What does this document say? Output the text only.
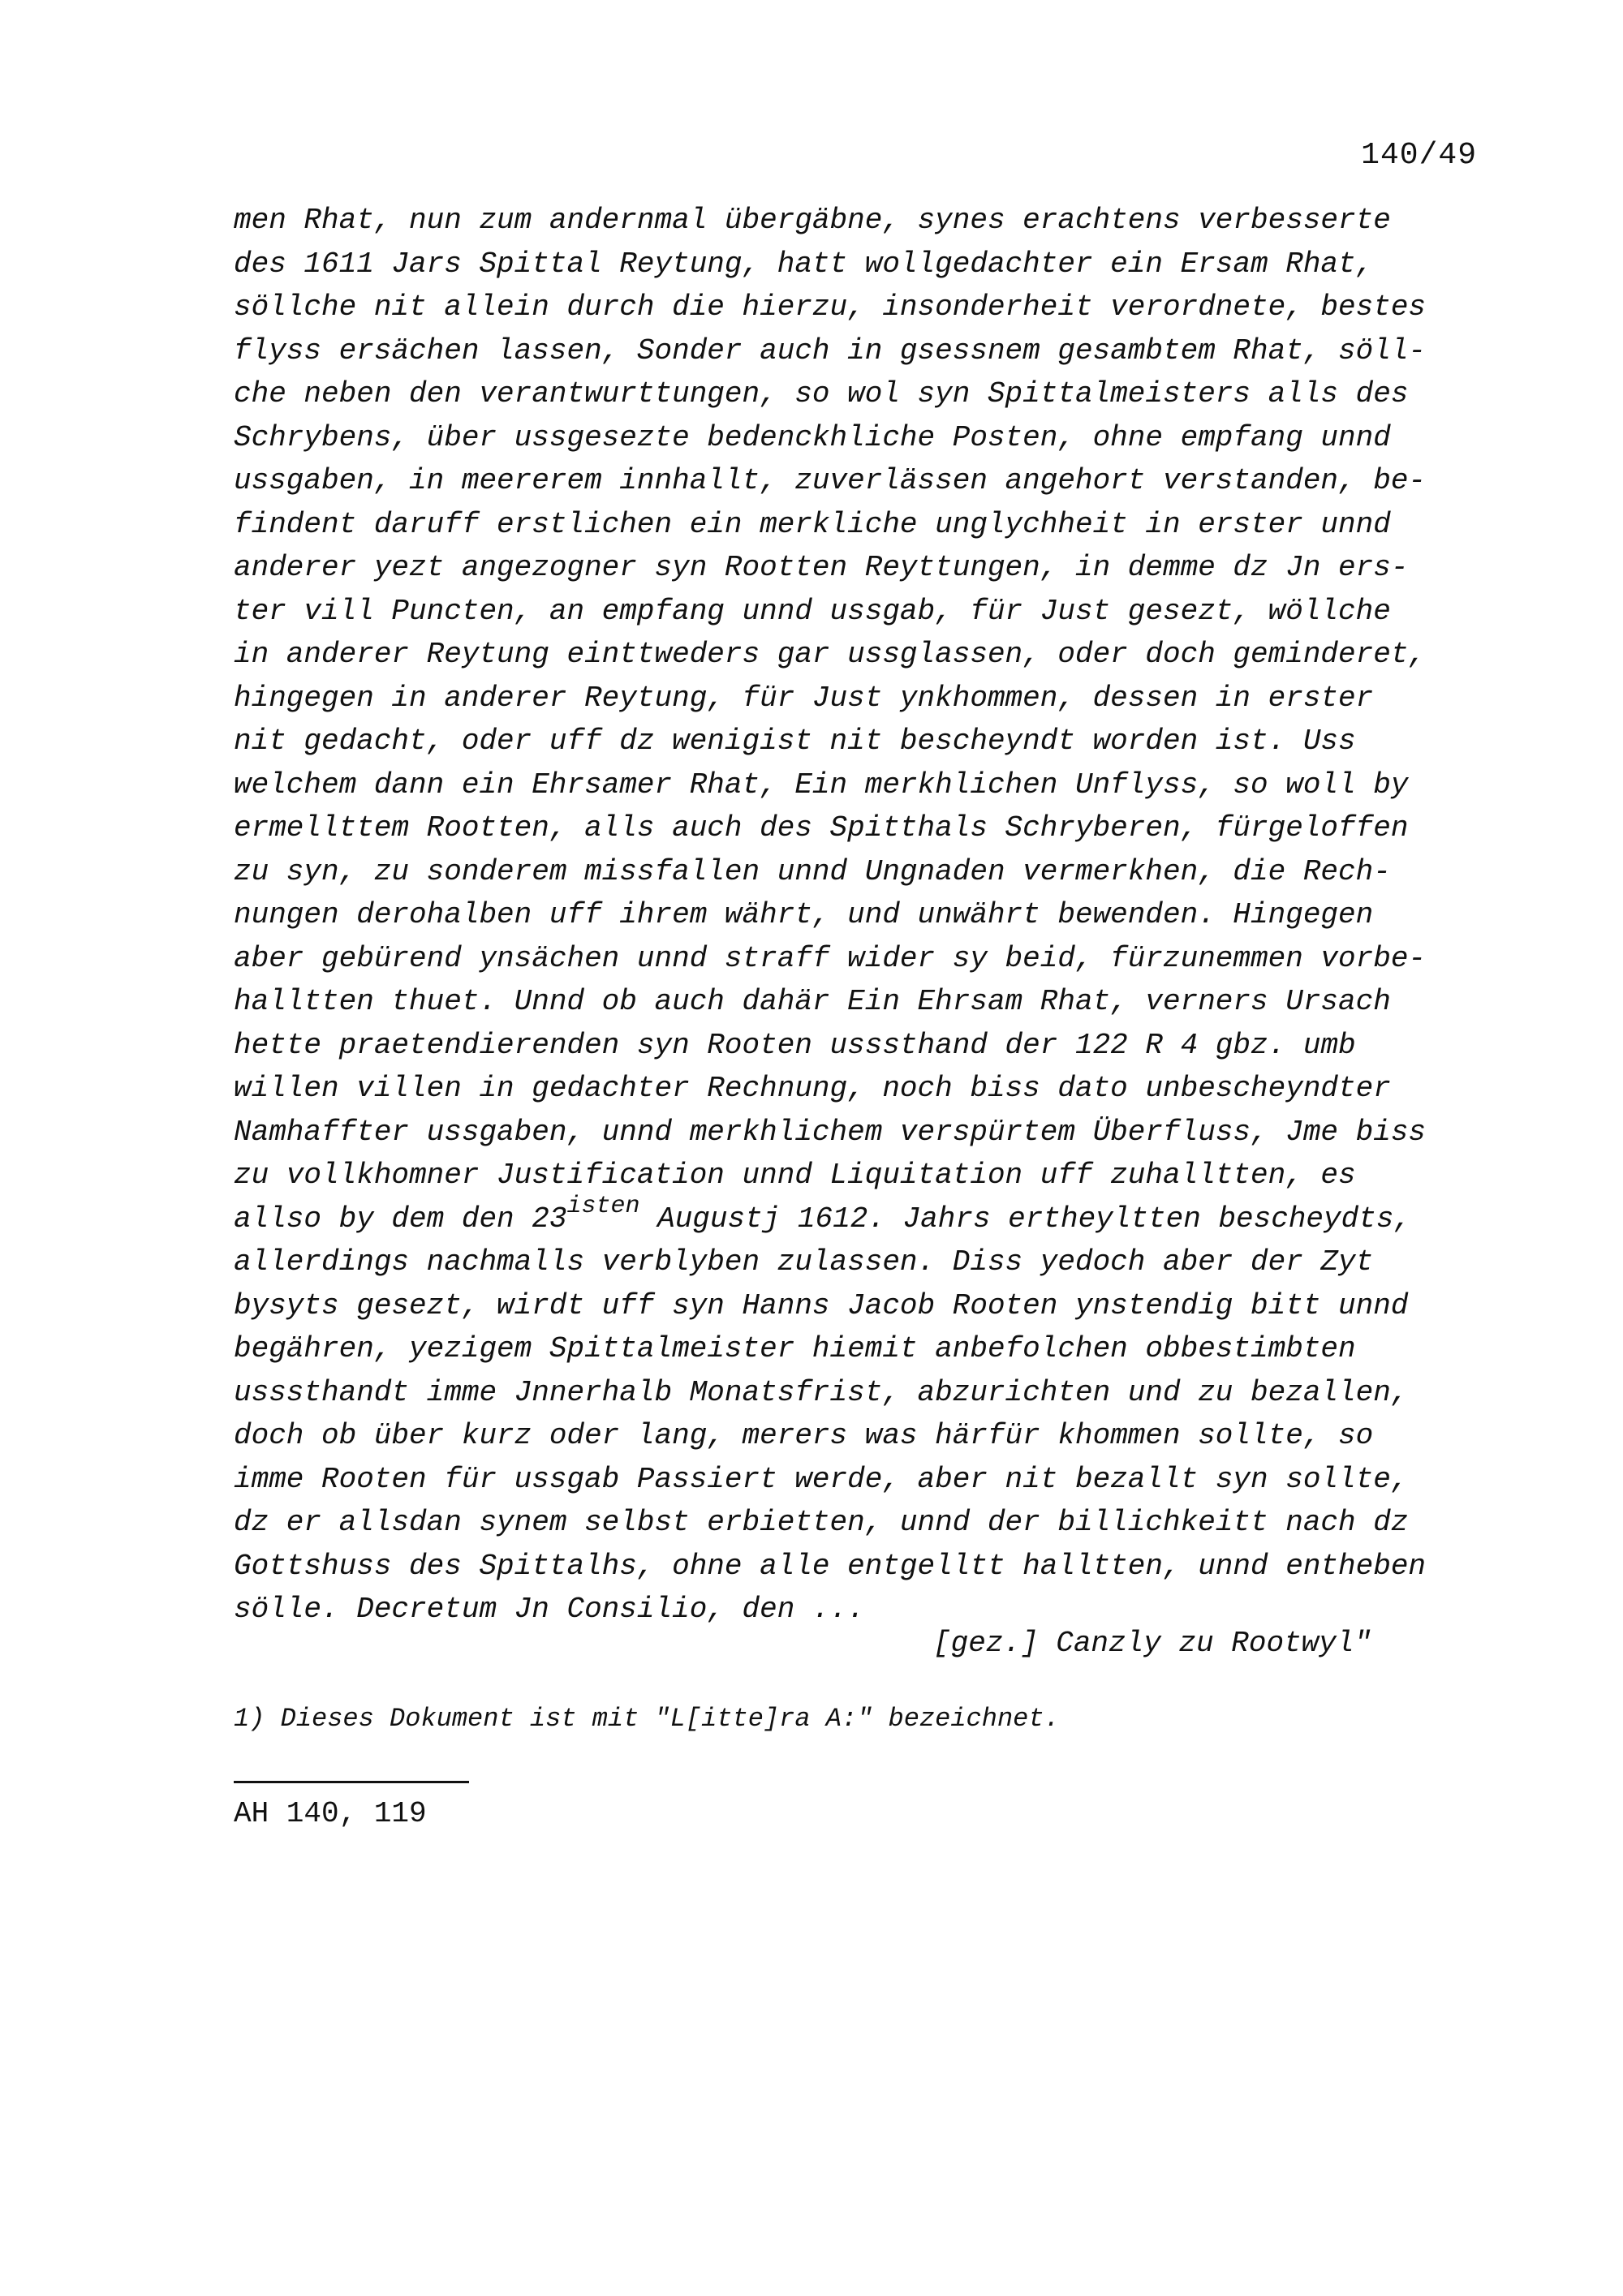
140/49
men Rhat, nun zum andernmal übergäbne, synes erachtens verbesserte
des 1611 Jars Spittal Reytung, hatt wollgedachter ein Ersam Rhat,
söllche nit allein durch die hierzu, insonderheit verordnete, bestes
flyss ersächen lassen, Sonder auch in gsessnem gesambtem Rhat, söll-
che neben den verantwurttungen, so wol syn Spittalmeisters alls des
Schrybens, über ussgesezte bedenckhliche Posten, ohne empfang unnd
ussgaben, in meererem innhallt, zuverlässen angehort verstanden, be-
findent daruff erstlichen ein merkliche unglychheit in erster unnd
anderer yezt angezogner syn Rootten Reyttungen, in demme dz Jn ers-
ter vill Puncten, an empfang unnd ussgab, für Just gesezt, wöllche
in anderer Reytung einttweders gar ussglassen, oder doch geminderet,
hingegen in anderer Reytung, für Just ynkhommen, dessen in erster
nit gedacht, oder uff dz wenigist nit bescheyndt worden ist. Uss
welchem dann ein Ehrsamer Rhat, Ein merkhlichen Unflyss, so woll by
ermellttem Rootten, alls auch des Spitthals Schryberen, fürgeloffen
zu syn, zu sonderem missfallen unnd Ungnaden vermerkhen, die Rech-
nungen derohalben uff ihrem währt, und unwährt bewenden. Hingegen
aber gebürend ynsächen unnd straff wider sy beid, fürzunemmen vorbe-
halltten thuet. Unnd ob auch dahär Ein Ehrsam Rhat, verners Ursach
hette praetendierenden syn Rooten usssthand der 122 R 4 gbz. umb
willen villen in gedachter Rechnung, noch biss dato unbescheyndter
Namhaffter ussgaben, unnd merkhlichem verspürtem Überfluss, Jme biss
zu vollkhomner Justification unnd Liquitation uff zuhalltten, es
allso by dem den $23^{isten}$ Augustj 1612. Jahrs ertheyltten bescheydts,
allerdings nachmalls verblyben zulassen. Diss yedoch aber der Zyt
bysyts gesezt, wirdt uff syn Hanns Jacob Rooten ynstendig bitt unnd
begähren, yezigem Spittalmeister hiemit anbefolchen obbestimbten
usssthandt imme Jnnerhalb Monatsfrist, abzurichten und zu bezallen,
doch ob über kurz oder lang, merers was härfür khommen sollte, so
imme Rooten für ussgab Passiert werde, aber nit bezallt syn sollte,
dz er allsdan synem selbst erbietten, unnd der billichkeitt nach dz
Gottshuss des Spittalhs, ohne alle entgelltt halltten, unnd entheben
sölle. Decretum Jn Consilio, den ...
[gez.] Canzly zu Rootwyl"
1) Dieses Dokument ist mit "L[itte]ra A:" bezeichnet.
AH 140, 119
